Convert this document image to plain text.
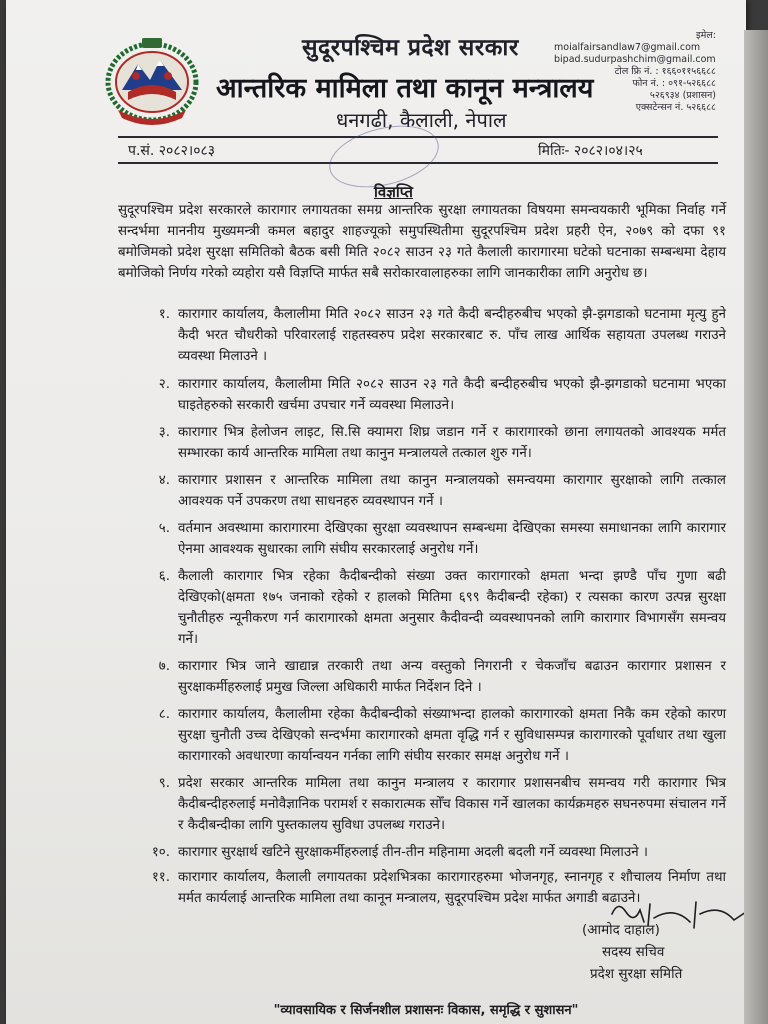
सुदूरपश्चिम प्रदेश सरकार
आन्तरिक मामिला तथा कानून मन्त्रालय
धनगढी, कैलाली, नेपाल
इमेल:
moialfairsandlaw7@gmail.com
bipad.sudurpashchim@gmail.com
टोल फ्रि नं. : १६६०११५६६८८
फोन नं. : ०९१-५२६६८८
५२६९३४ (प्रशासन)
एक्सटेन्सन नं. ५२६६८८
प.सं. २०८२।०८३	मितिः- २०८२।०४।२५
विज्ञप्ति
सुदूरपश्चिम प्रदेश सरकारले कारागार लगायतका समग्र आन्तरिक सुरक्षा लगायतका विषयमा समन्वयकारी भूमिका निर्वाह गर्ने सन्दर्भमा माननीय मुख्यमन्त्री कमल बहादुर शाहज्यूको समुपस्थितीमा सुदूरपश्चिम प्रदेश प्रहरी ऐन, २०७९ को दफा ९१ बमोजिमको प्रदेश सुरक्षा समितिको बैठक बसी मिति २०८२ साउन २३ गते कैलाली कारागारमा घटेको घटनाका सम्बन्धमा देहाय बमोजिको निर्णय गरेको व्यहोरा यसै विज्ञप्ति मार्फत सबै सरोकारवालाहरुका लागि जानकारीका लागि अनुरोध छ।
१. कारागार कार्यालय, कैलालीमा मिति २०८२ साउन २३ गते कैदी बन्दीहरुबीच भएको झै-झगडाको घटनामा मृत्यु हुने कैदी भरत चौधरीको परिवारलाई राहतस्वरुप प्रदेश सरकारबाट रु. पाँच लाख आर्थिक सहायता उपलब्ध गराउने व्यवस्था मिलाउने ।
२. कारागार कार्यालय, कैलालीमा मिति २०८२ साउन २३ गते कैदी बन्दीहरुबीच भएको झै-झगडाको घटनामा भएका घाइतेहरुको सरकारी खर्चमा उपचार गर्ने व्यवस्था मिलाउने।
३. कारागार भित्र हेलोजन लाइट, सि.सि क्यामरा शिघ्र जडान गर्ने र कारागारको छाना लगायतको आवश्यक मर्मत सम्भारका कार्य आन्तरिक मामिला तथा कानुन मन्त्रालयले तत्काल शुरु गर्ने।
४. कारागार प्रशासन र आन्तरिक मामिला तथा कानुन मन्त्रालयको समन्वयमा कारागार सुरक्षाको लागि तत्काल आवश्यक पर्ने उपकरण तथा साधनहरु व्यवस्थापन गर्ने ।
५. वर्तमान अवस्थामा कारागारमा देखिएका सुरक्षा व्यवस्थापन सम्बन्धमा देखिएका समस्या समाधानका लागि कारागार ऐनमा आवश्यक सुधारका लागि संघीय सरकारलाई अनुरोध गर्ने।
६. कैलाली कारागार भित्र रहेका कैदीबन्दीको संख्या उक्त कारागारको क्षमता भन्दा झण्डै पाँच गुणा बढी देखिएको(क्षमता १७५ जनाको रहेको र हालको मितिमा ६९९ कैदीबन्दी रहेका) र त्यसका कारण उत्पन्न सुरक्षा चुनौतीहरु न्यूनीकरण गर्न कारागारको क्षमता अनुसार कैदीवन्दी व्यवस्थापनको लागि कारागार विभागसँग समन्वय गर्ने।
७. कारागार भित्र जाने खाद्यान्न तरकारी तथा अन्य वस्तुको निगरानी र चेकजाँच बढाउन कारागार प्रशासन र सुरक्षाकर्मीहरुलाई प्रमुख जिल्ला अधिकारी मार्फत निर्देशन दिने ।
८. कारागार कार्यालय, कैलालीमा रहेका कैदीबन्दीको संख्याभन्दा हालको कारागारको क्षमता निकै कम रहेको कारण सुरक्षा चुनौती उच्च देखिएको सन्दर्भमा कारागारको क्षमता वृद्धि गर्न र सुविधासम्पन्न कारागारको पूर्वाधार तथा खुला कारागारको अवधारणा कार्यान्वयन गर्नका लागि संघीय सरकार समक्ष अनुरोध गर्ने ।
९. प्रदेश सरकार आन्तरिक मामिला तथा कानुन मन्त्रालय र कारागार प्रशासनबीच समन्वय गरी कारागार भित्र कैदीबन्दीहरुलाई मनोवैज्ञानिक परामर्श र सकारात्मक सोँच विकास गर्ने खालका कार्यक्रमहरु सघनरुपमा संचालन गर्ने र कैदीबन्दीका लागि पुस्तकालय सुविधा उपलब्ध गराउने।
१०. कारागार सुरक्षार्थ खटिने सुरक्षाकर्मीहरुलाई तीन-तीन महिनामा अदली बदली गर्ने व्यवस्था मिलाउने ।
११. कारागार कार्यालय, कैलाली लगायतका प्रदेशभित्रका कारागारहरुमा भोजनगृह, स्नानगृह र शौचालय निर्माण तथा मर्मत कार्यलाई आन्तरिक मामिला तथा कानून मन्त्रालय, सुदूरपश्चिम प्रदेश मार्फत अगाडी बढाउने।
(आमोद दाहाल)
सदस्य सचिव
प्रदेश सुरक्षा समिति
"व्यावसायिक र सिर्जनशील प्रशासनः विकास, समृद्धि र सुशासन"
